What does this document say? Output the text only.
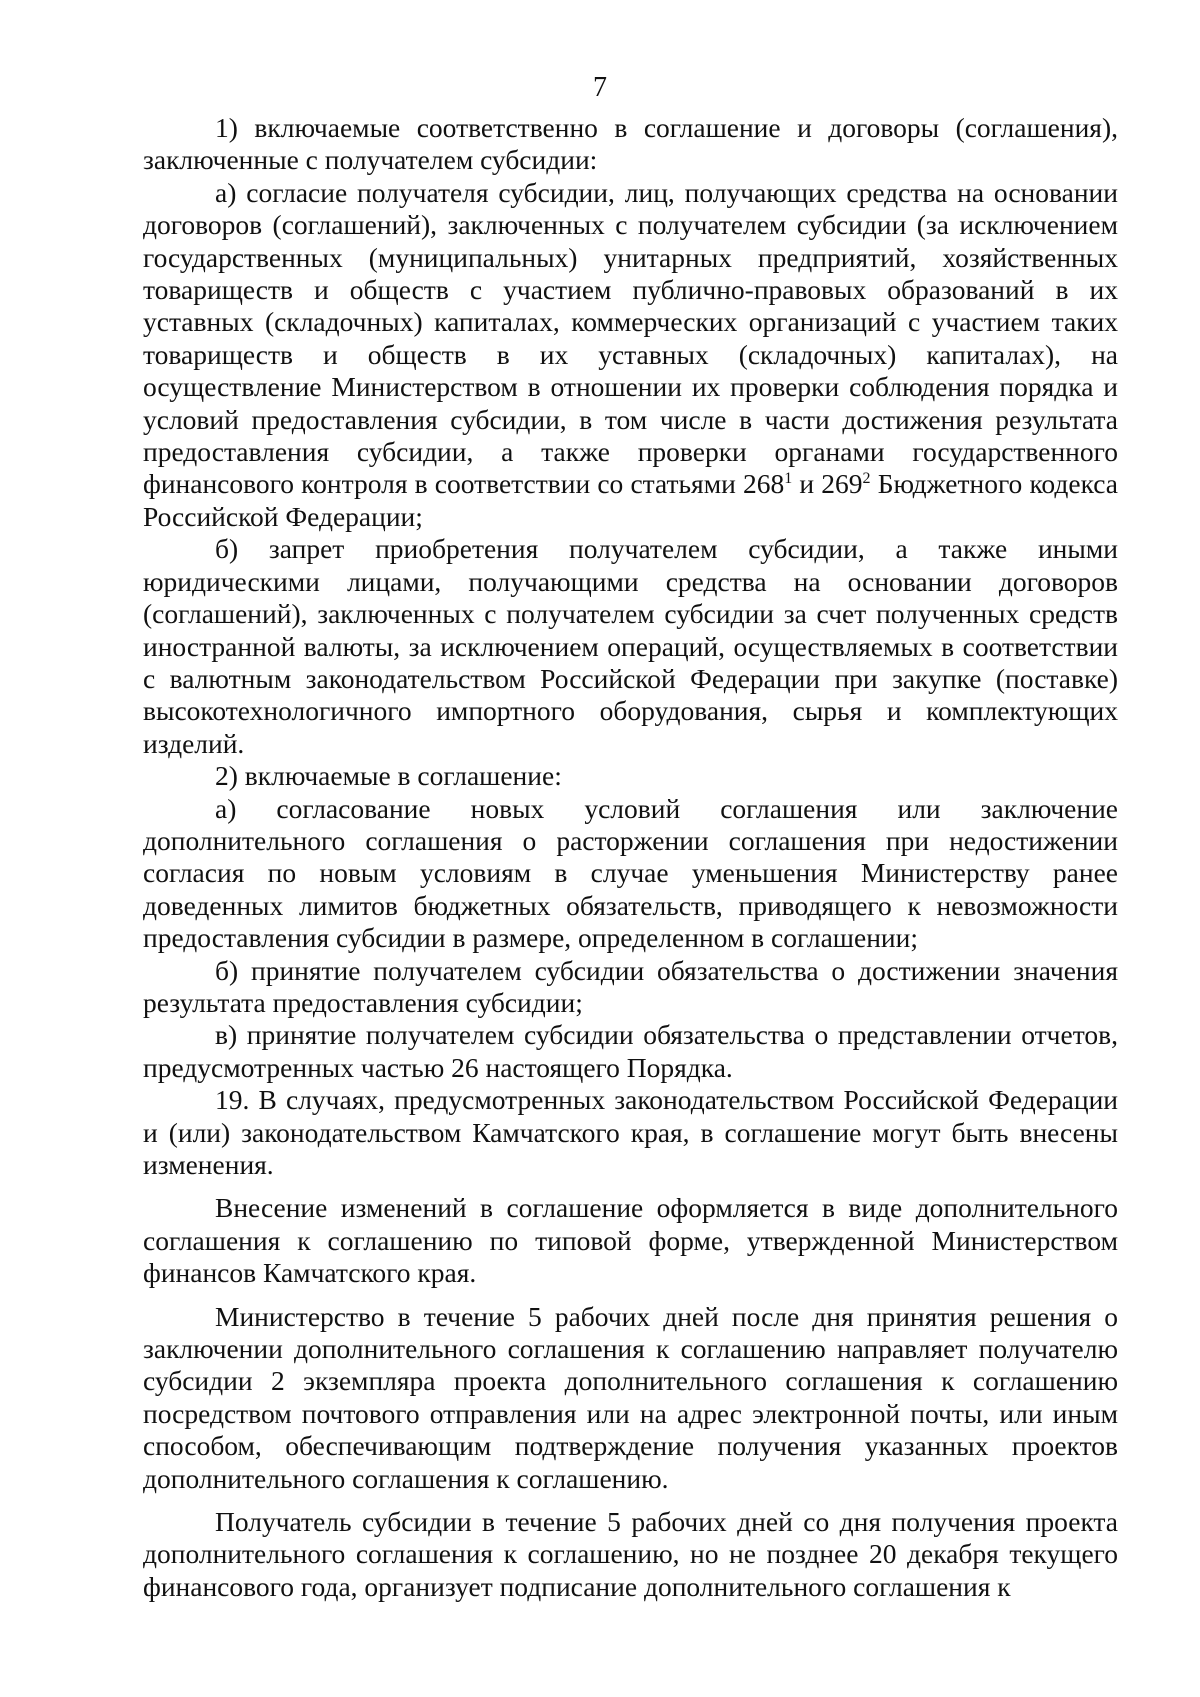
7

1) включаемые соответственно в соглашение и договоры (соглашения), заключенные с получателем субсидии:

а) согласие получателя субсидии, лиц, получающих средства на основании договоров (соглашений), заключенных с получателем субсидии (за исключением государственных (муниципальных) унитарных предприятий, хозяйственных товариществ и обществ с участием публично-правовых образований в их уставных (складочных) капиталах, коммерческих организаций с участием таких товариществ и обществ в их уставных (складочных) капиталах), на осуществление Министерством в отношении их проверки соблюдения порядка и условий предоставления субсидии, в том числе в части достижения результата предоставления субсидии, а также проверки органами государственного финансового контроля в соответствии со статьями $268^1$ и $269^2$ Бюджетного кодекса Российской Федерации;

б) запрет приобретения получателем субсидии, а также иными юридическими лицами, получающими средства на основании договоров (соглашений), заключенных с получателем субсидии за счет полученных средств иностранной валюты, за исключением операций, осуществляемых в соответствии с валютным законодательством Российской Федерации при закупке (поставке) высокотехнологичного импортного оборудования, сырья и комплектующих изделий.

2) включаемые в соглашение:

а) согласование новых условий соглашения или заключение дополнительного соглашения о расторжении соглашения при недостижении согласия по новым условиям в случае уменьшения Министерству ранее доведенных лимитов бюджетных обязательств, приводящего к невозможности предоставления субсидии в размере, определенном в соглашении;

б) принятие получателем субсидии обязательства о достижении значения результата предоставления субсидии;

в) принятие получателем субсидии обязательства о представлении отчетов, предусмотренных частью 26 настоящего Порядка.

19. В случаях, предусмотренных законодательством Российской Федерации и (или) законодательством Камчатского края, в соглашение могут быть внесены изменения.

Внесение изменений в соглашение оформляется в виде дополнительного соглашения к соглашению по типовой форме, утвержденной Министерством финансов Камчатского края.

Министерство в течение 5 рабочих дней после дня принятия решения о заключении дополнительного соглашения к соглашению направляет получателю субсидии 2 экземпляра проекта дополнительного соглашения к соглашению посредством почтового отправления или на адрес электронной почты, или иным способом, обеспечивающим подтверждение получения указанных проектов дополнительного соглашения к соглашению.

Получатель субсидии в течение 5 рабочих дней со дня получения проекта дополнительного соглашения к соглашению, но не позднее 20 декабря текущего финансового года, организует подписание дополнительного соглашения к
